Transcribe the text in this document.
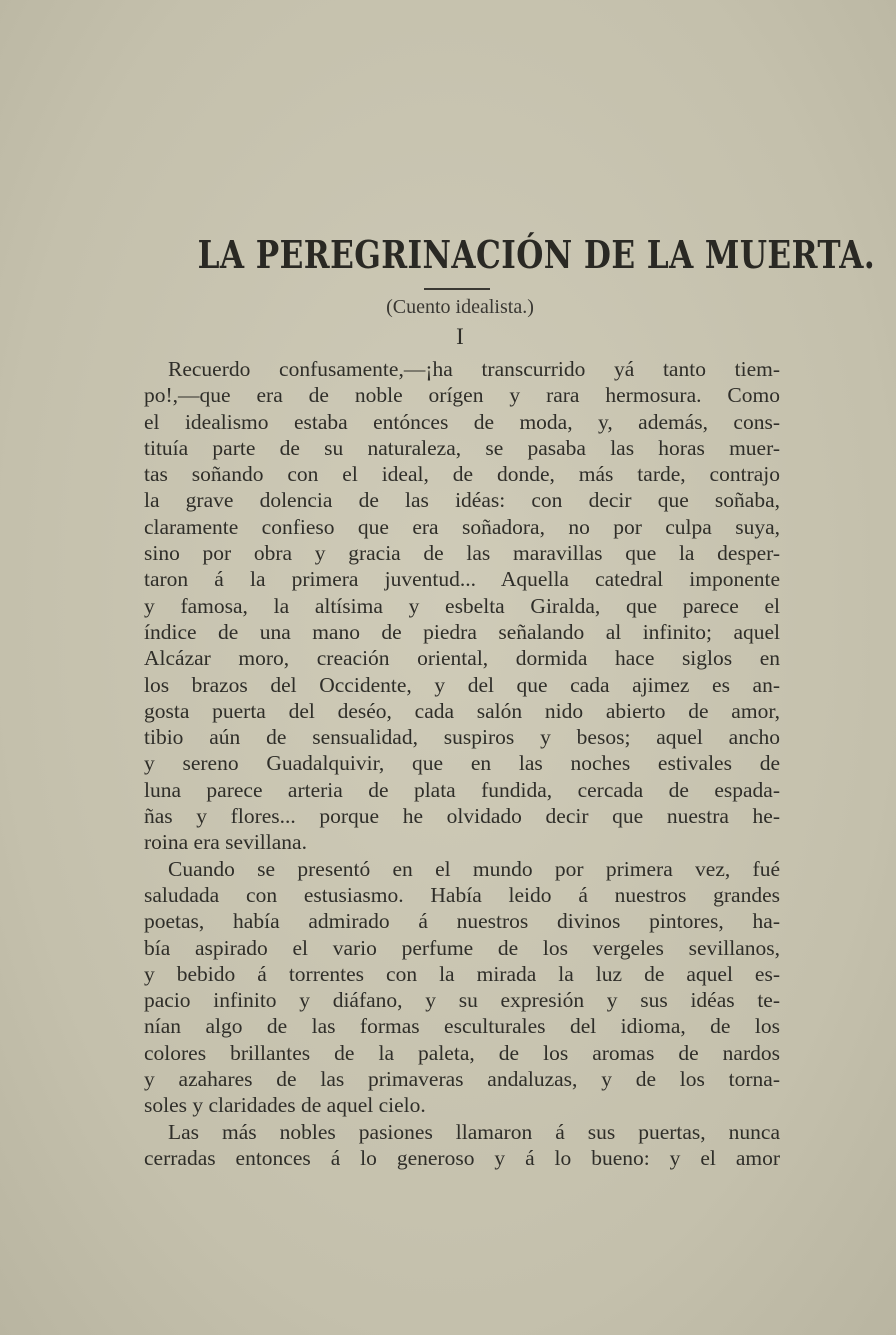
LA PEREGRINACIÓN DE LA MUERTA.
(Cuento idealista.)
I
Recuerdo confusamente,—¡ha transcurrido yá tanto tiem-
po!,—que era de noble orígen y rara hermosura. Como
el idealismo estaba entónces de moda, y, además, cons-
tituía parte de su naturaleza, se pasaba las horas muer-
tas soñando con el ideal, de donde, más tarde, contrajo
la grave dolencia de las idéas: con decir que soñaba,
claramente confieso que era soñadora, no por culpa suya,
sino por obra y gracia de las maravillas que la desper-
taron á la primera juventud... Aquella catedral imponente
y famosa, la altísima y esbelta Giralda, que parece el
índice de una mano de piedra señalando al infinito; aquel
Alcázar moro, creación oriental, dormida hace siglos en
los brazos del Occidente, y del que cada ajimez es an-
gosta puerta del deséo, cada salón nido abierto de amor,
tibio aún de sensualidad, suspiros y besos; aquel ancho
y sereno Guadalquivir, que en las noches estivales de
luna parece arteria de plata fundida, cercada de espada-
ñas y flores... porque he olvidado decir que nuestra he-
roina era sevillana.
Cuando se presentó en el mundo por primera vez, fué
saludada con estusiasmo. Había leido á nuestros grandes
poetas, había admirado á nuestros divinos pintores, ha-
bía aspirado el vario perfume de los vergeles sevillanos,
y bebido á torrentes con la mirada la luz de aquel es-
pacio infinito y diáfano, y su expresión y sus idéas te-
nían algo de las formas esculturales del idioma, de los
colores brillantes de la paleta, de los aromas de nardos
y azahares de las primaveras andaluzas, y de los torna-
soles y claridades de aquel cielo.
Las más nobles pasiones llamaron á sus puertas, nunca
cerradas entonces á lo generoso y á lo bueno: y el amor
